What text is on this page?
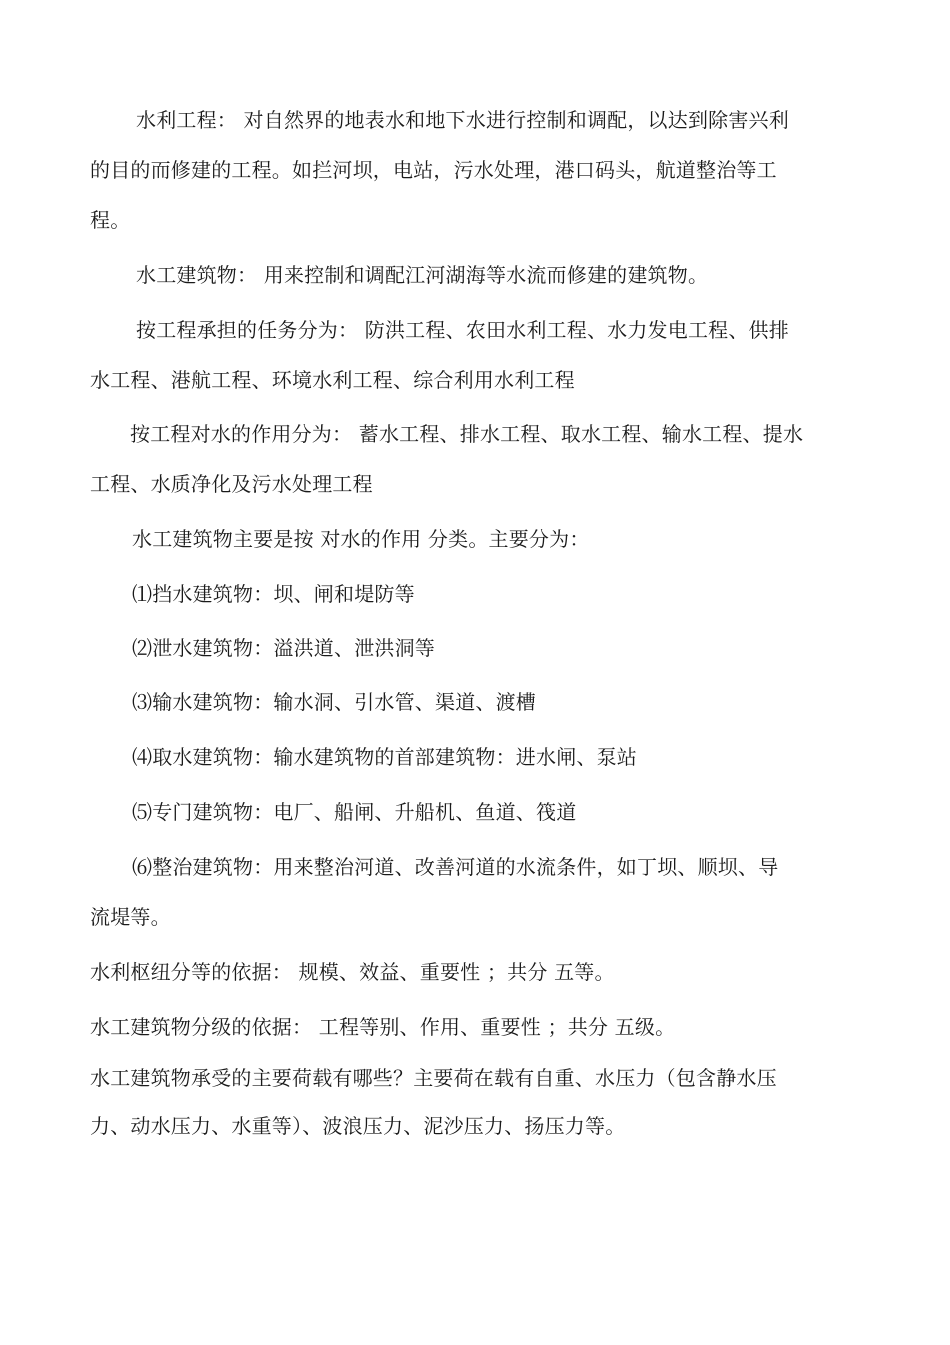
水利工程： 对自然界的地表水和地下水进行控制和调配，以达到除害兴利
的目的而修建的工程。如拦河坝，电站，污水处理，港口码头，航道整治等工
程。
水工建筑物： 用来控制和调配江河湖海等水流而修建的建筑物。
按工程承担的任务分为： 防洪工程、农田水利工程、水力发电工程、供排
水工程、港航工程、环境水利工程、综合利用水利工程
按工程对水的作用分为： 蓄水工程、排水工程、取水工程、输水工程、提水
工程、水质净化及污水处理工程
水工建筑物主要是按 对水的作用 分类。主要分为：
⑴挡水建筑物：坝、闸和堤防等
⑵泄水建筑物：溢洪道、泄洪洞等
⑶输水建筑物：输水洞、引水管、渠道、渡槽
⑷取水建筑物：输水建筑物的首部建筑物：进水闸、泵站
⑸专门建筑物：电厂、船闸、升船机、鱼道、筏道
⑹整治建筑物：用来整治河道、改善河道的水流条件，如丁坝、顺坝、导
流堤等。
水利枢纽分等的依据： 规模、效益、重要性 ；共分 五等。
水工建筑物分级的依据： 工程等别、作用、重要性 ；共分 五级。
水工建筑物承受的主要荷载有哪些？主要荷在载有自重、水压力（包含静水压
力、动水压力、水重等）、波浪压力、泥沙压力、扬压力等。
